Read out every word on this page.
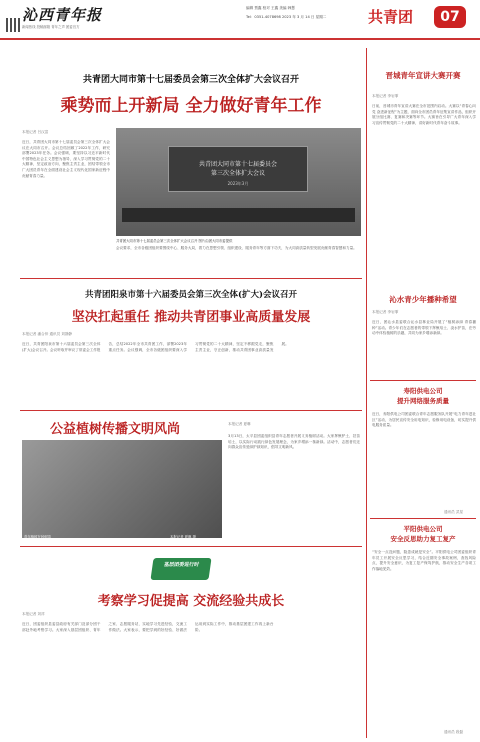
沁西青年报
新闻热线 投稿邮箱 青年之声 团委官方
编辑 贾鑫 校对 王鑫 美编 韩慧
Tel：0351-4078698 2023 年 3 月 14 日 星期二	共青团	07
共青团大同市第十七届委员会第三次全体扩大会议召开
乘势而上开新局 全力做好青年工作
本报记者 吕汉富
近日，共青团大同市第十七届委员会第三次全体扩大会议在大同市召开。会议总结回顾了2022年工作，研究部署2023年任务。会议强调，要坚持以习近平新时代中国特色社会主义思想为指导，深入学习贯彻党的二十大精神，坚定政治方向，聚焦主责主业，团结带领全市广大团员青年在全面建设社会主义现代化国家新征程中贡献青春力量。
共青团大同市第十七届委员会
第三次全体扩大会议
2023年3月
共青团大同市第十七届委员会第三次全体扩大会议召开 图片由团大同市委提供
会议要求，全市各级团组织要围绕中心、服务大局，着力在思想引领、组织建设、服务青年等方面下功夫，为大同高质量转型发展贡献青春智慧和力量。
共青团阳泉市第十六届委员会第三次全体(扩大)会议召开
坚决扛起重任 推动共青团事业高质量发展
本报记者 潘合仲 通讯员 刘静静
近日，共青团阳泉市第十六届委员会第三次全体(扩大)会议召开。会议听取并审议了常委会工作报告，总结2022年全市共青团工作，部署2023年重点任务。会议强调，全市各级团组织要深入学习贯彻党的二十大精神，坚定不移跟党走，聚焦主责主业，守正创新，推动共青团事业高质量发展。
公益植树传播文明风尚
青年植树在种树苗	本报记者 夏琳 摄
本报记者 夏琳
3月13日，太平县团委组织县青年志愿者开展义务植树活动。大家挥锹铲土、扶苗培土，以实际行动践行绿色发展理念，为家乡增添一抹新绿。活动中，志愿者们还向群众宣传爱绿护绿知识，倡导文明新风。
基层团委进行时
考察学习促提高 交流经验共成长
本报记者 刘祥
近日，团委组织县委县政府有关部门及部分团干部赴外地考察学习。大家深入基层团组织、青年之家、志愿服务站，实地学习先进经验，交流工作做法。大家表示，要把学到的好经验、好做法运用到实际工作中，推动基层团建工作再上新台阶。
晋城青年宣讲大赛开赛
本报记者 李岩霏
日前，晋城市青年宣讲大赛在全市范围内启动。大赛以“青春心向党 奋进新征程”为主题，面向全市团员青年征集宣讲作品，组织开展分组比赛、复赛和决赛等环节。大赛旨在引导广大青年深入学习宣传贯彻党的二十大精神，讲好新时代青年奋斗故事。
沁水青少年播种希望
本报记者 李岩霏
近日，团沁水县委联合沁水县林业局开展了“植树添绿 青春播种”活动。青少年们在志愿者的带领下挥锹培土、浇水护苗，在劳动中体验植树的乐趣，共同为家乡增添新绿。
寿阳供电公司
提升网络服务质量
近日，寿阳供电公司团委联合青年志愿服务队开展“电力青年进社区”活动，为居民宣传安全用电知识，检修用电设备，切实提升供电服务质量。
通讯员 武星
平阳供电公司
安全反思助力复工复产
“安全一点没问题，隐患成就是安全”。平阳供电公司团委组织青年员工开展安全反思学习，结合近期安全事故案例，查找风险点，提升安全意识，为复工复产保驾护航，推动安全生产各项工作落地见效。
通讯员 段磊
